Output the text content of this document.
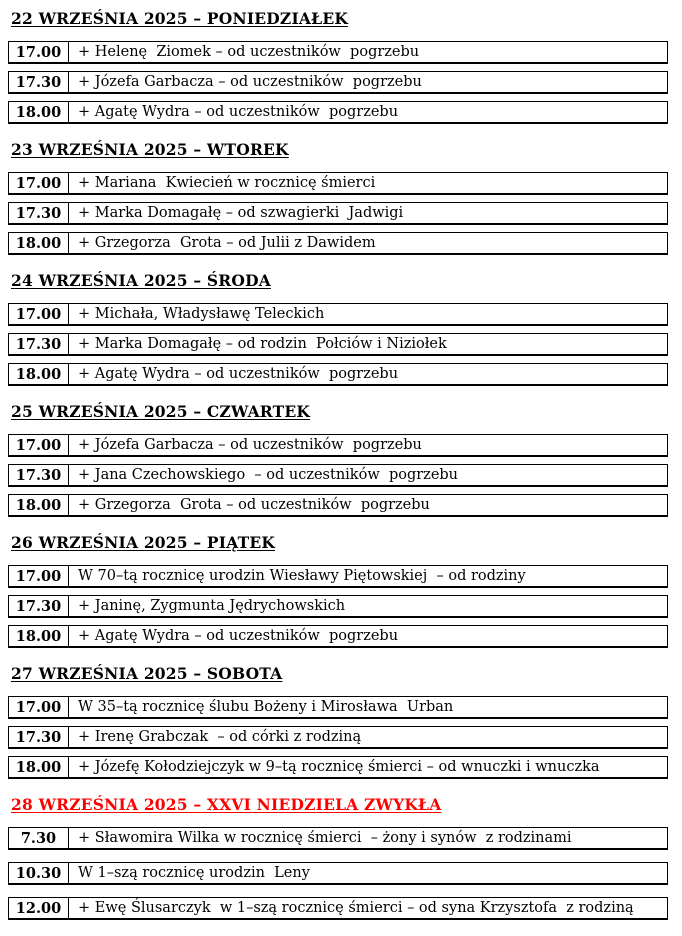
22 WRZEŚNIA 2025 – PONIEDZIAŁEK
17.00	+ Helenę  Ziomek – od uczestników  pogrzebu
17.30	+ Józefa Garbacza – od uczestników  pogrzebu
18.00	+ Agatę Wydra – od uczestników  pogrzebu
23 WRZEŚNIA 2025 – WTOREK
17.00	+ Mariana  Kwiecień w rocznicę śmierci
17.30	+ Marka Domagałę – od szwagierki  Jadwigi
18.00	+ Grzegorza  Grota – od Julii z Dawidem
24 WRZEŚNIA 2025 – ŚRODA
17.00	+ Michała, Władysławę Teleckich
17.30	+ Marka Domagałę – od rodzin  Połciów i Niziołek
18.00	+ Agatę Wydra – od uczestników  pogrzebu
25 WRZEŚNIA 2025 – CZWARTEK
17.00	+ Józefa Garbacza – od uczestników  pogrzebu
17.30	+ Jana Czechowskiego  – od uczestników  pogrzebu
18.00	+ Grzegorza  Grota – od uczestników  pogrzebu
26 WRZEŚNIA 2025 – PIĄTEK
17.00	W 70–tą rocznicę urodzin Wiesławy Piętowskiej  – od rodziny
17.30	+ Janinę, Zygmunta Jędrychowskich
18.00	+ Agatę Wydra – od uczestników  pogrzebu
27 WRZEŚNIA 2025 – SOBOTA
17.00	W 35–tą rocznicę ślubu Bożeny i Mirosława  Urban
17.30	+ Irenę Grabczak  – od córki z rodziną
18.00	+ Józefę Kołodziejczyk w 9–tą rocznicę śmierci – od wnuczki i wnuczka
28 WRZEŚNIA 2025 – XXVI NIEDZIELA ZWYKŁA
7.30	+ Sławomira Wilka w rocznicę śmierci  – żony i synów  z rodzinami
10.30	W 1–szą rocznicę urodzin  Leny
12.00	+ Ewę Ślusarczyk  w 1–szą rocznicę śmierci – od syna Krzysztofa  z rodziną
